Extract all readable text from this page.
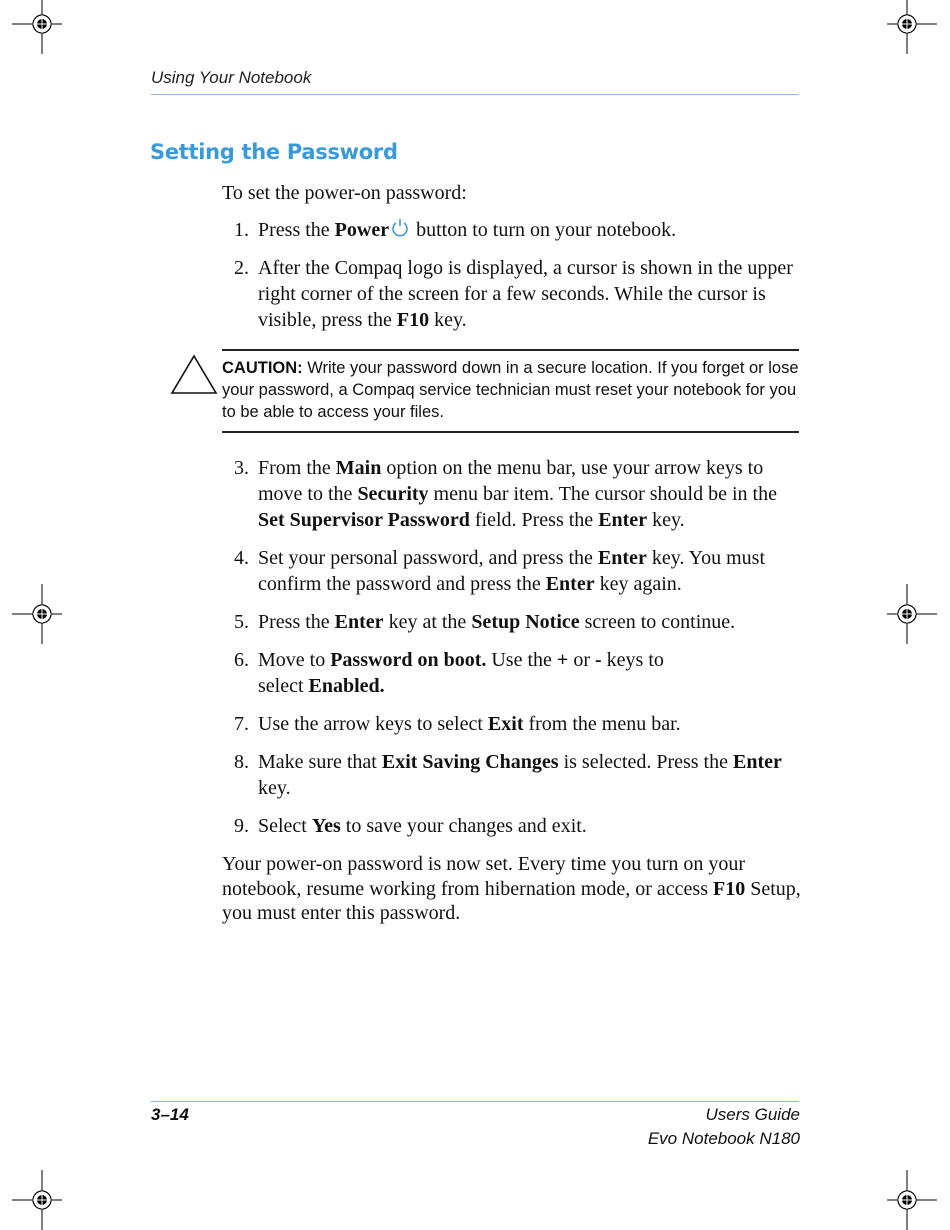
Using Your Notebook
Setting the Password
To set the power-on password:
1. Press the Power button to turn on your notebook.
2. After the Compaq logo is displayed, a cursor is shown in the upper right corner of the screen for a few seconds. While the cursor is visible, press the F10 key.
CAUTION: Write your password down in a secure location. If you forget or lose your password, a Compaq service technician must reset your notebook for you to be able to access your files.
3. From the Main option on the menu bar, use your arrow keys to move to the Security menu bar item. The cursor should be in the Set Supervisor Password field. Press the Enter key.
4. Set your personal password, and press the Enter key. You must confirm the password and press the Enter key again.
5. Press the Enter key at the Setup Notice screen to continue.
6. Move to Password on boot. Use the + or - keys to
select Enabled.
7. Use the arrow keys to select Exit from the menu bar.
8. Make sure that Exit Saving Changes is selected. Press the Enter key.
9. Select Yes to save your changes and exit.
Your power-on password is now set. Every time you turn on your notebook, resume working from hibernation mode, or access F10 Setup, you must enter this password.
3–14	Users Guide
Evo Notebook N180
